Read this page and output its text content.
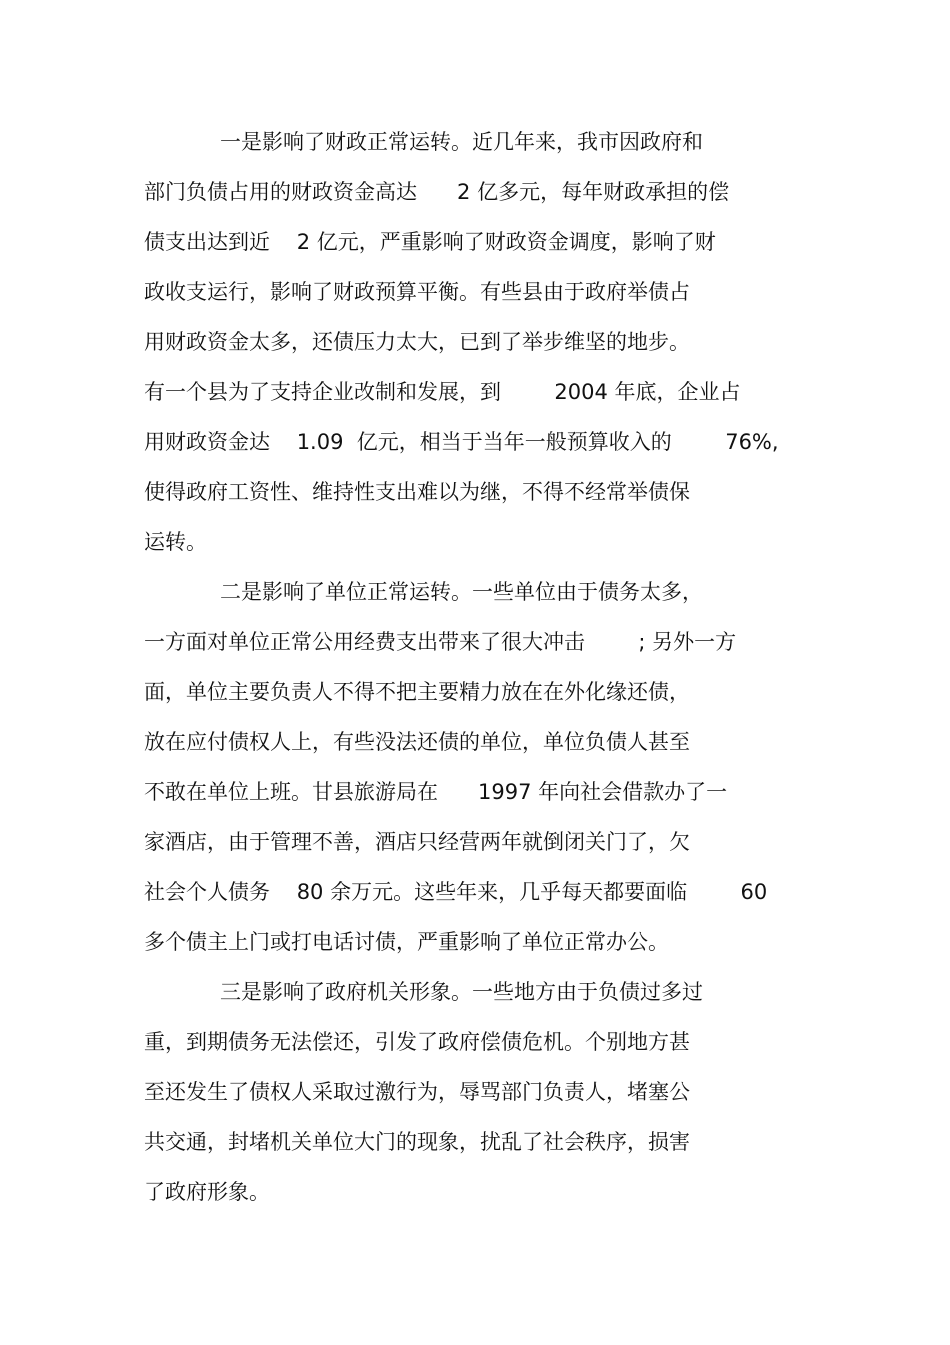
一是影响了财政正常运转。近几年来，我市因政府和
部门负债占用的财政资金高达      2 亿多元，每年财政承担的偿
债支出达到近    2 亿元，严重影响了财政资金调度，影响了财
政收支运行，影响了财政预算平衡。有些县由于政府举债占
用财政资金太多，还债压力太大，已到了举步维坚的地步。
有一个县为了支持企业改制和发展，到        2004 年底，企业占
用财政资金达    1.09  亿元，相当于当年一般预算收入的        76%,
使得政府工资性、维持性支出难以为继，不得不经常举债保
运转。
二是影响了单位正常运转。一些单位由于债务太多，
一方面对单位正常公用经费支出带来了很大冲击        ; 另外一方
面，单位主要负责人不得不把主要精力放在在外化缘还债，
放在应付债权人上，有些没法还债的单位，单位负债人甚至
不敢在单位上班。甘县旅游局在      1997 年向社会借款办了一
家酒店，由于管理不善，酒店只经营两年就倒闭关门了，欠
社会个人债务    80 余万元。这些年来，几乎每天都要面临        60
多个债主上门或打电话讨债，严重影响了单位正常办公。
三是影响了政府机关形象。一些地方由于负债过多过
重，到期债务无法偿还，引发了政府偿债危机。个别地方甚
至还发生了债权人采取过激行为，辱骂部门负责人，堵塞公
共交通，封堵机关单位大门的现象，扰乱了社会秩序，损害
了政府形象。
